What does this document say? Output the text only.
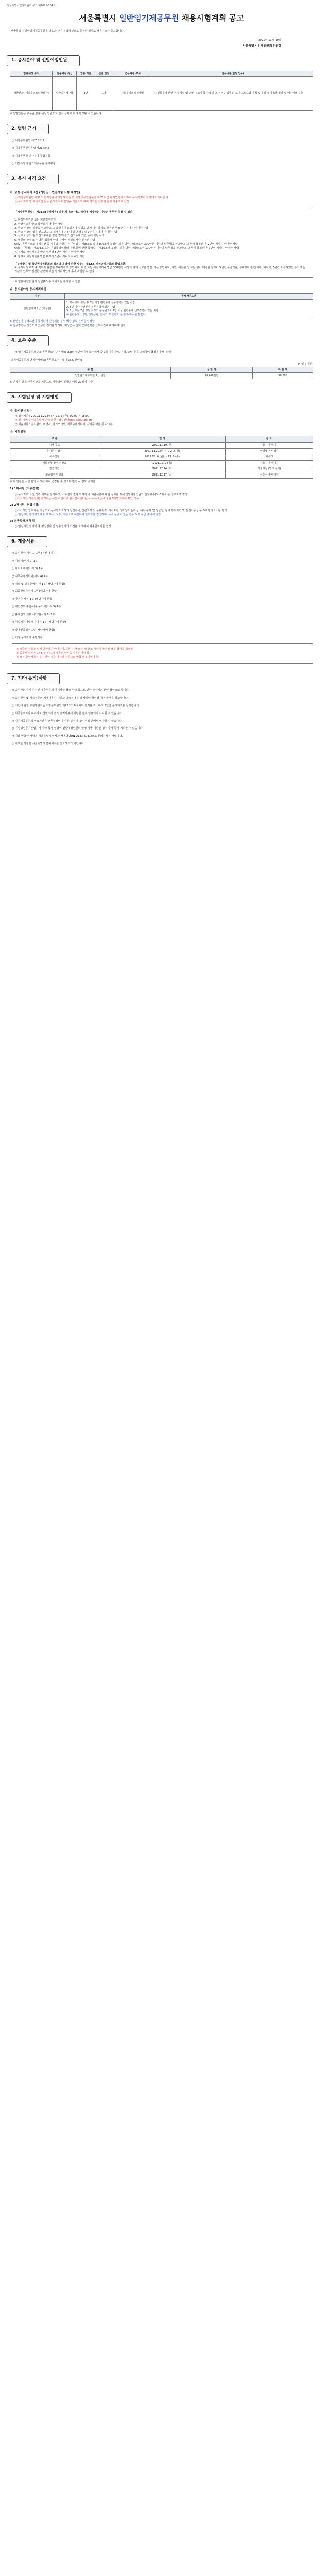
서울특별시인사위원회 공고 제2021-704호
서울특별시 일반임기제공무원 채용시험계획 공고

서울특별시 일반임기제공무원을 다음과 같이 경력경쟁으로 공정한 절차로 채용하고자 공고합니다.

2021년 11월 19일
서울특별시인사위원회위원장
1. 응시분야 및 선발예정인원
임용예정 부서	임용예정 직급	임용 기간	선발 인원	근무예정 부서	업무내용(담당업무)
박물관과 (서울우리소리박물관)	일반임기제 7급	2년	1명	서울우리소리 박물관	○ 전통음악 관련 전시 기획 및 운영 ○ 소장품 관리 및 조사·연구 업무 ○ 교육 프로그램 기획 및 운영 ○ 기록물 정리 및 아카이브 구축

※ 선발인원은 공무원 임용 예정 인원으로 인사 상황에 따라 변경될 수 있습니다.

2. 법령 근거

○ 지방공무원법 제25조의5

○ 지방공무원임용령 제21조의2

○ 지방공무원 인사분야 통합지침

○ 서울특별시 임기제공무원 운영규정

3. 응시 자격 요건
가. 공통 응시자격요건 (기한일 : 면접시험 시행 예정일)

○ 지방공무원법 제31조 결격사유에 해당하지 않고, 지방공무원임용령 제65조 및 관계법령에 의하여 응시자격이 정지되지 아니한 자

○ 응시자격 및 우대요건 등은 원서접수 마감일을 기준으로 하며 경력은 접수일 현재 기준으로 산정

「지방공무원법」 제31조(결격사유) 다음 각 호의 어느 하나에 해당하는 사람은 공무원이 될 수 없다.

1. 피성년후견인 또는 피한정후견인

2. 파산선고를 받고 복권되지 아니한 사람

3. 금고 이상의 실형을 선고받고 그 집행이 종료되거나 집행을 받지 아니하기로 확정된 후 5년이 지나지 아니한 사람

4. 금고 이상의 형을 선고받고 그 집행유예 기간이 끝난 날부터 2년이 지나지 아니한 사람

5. 금고 이상의 형의 선고유예를 받은 경우에 그 선고유예 기간 중에 있는 사람

6. 법원의 판결 또는 다른 법률에 따라 자격이 상실되거나 정지된 사람

6의2. 공무원으로 재직기간 중 직무와 관련하여 「형법」 제355조 및 제356조에 규정된 죄를 범한 사람으로서 300만원 이상의 벌금형을 선고받고 그 형이 확정된 후 2년이 지나지 아니한 사람

6의3. 「형법」 제303조 또는 「성폭력범죄의 처벌 등에 관한 특례법」 제10조에 규정된 죄를 범한 사람으로서 100만원 이상의 벌금형을 선고받고 그 형이 확정된 후 3년이 지나지 아니한 사람

7. 징계로 파면처분을 받은 때부터 5년이 지나지 아니한 사람

8. 징계로 해임처분을 받은 때부터 3년이 지나지 아니한 사람

「부패방지 및 국민권익위원회의 설치와 운영에 관한 법률」 제82조(비위면직자등의 취업제한)

① 공직자가 재직 중 직무와 관련된 부패행위로 당연퇴직, 파면 또는 해임되거나 벌금 300만원 이상의 형의 선고를 받은 자는 당연퇴직, 파면, 해임된 날 또는 형이 확정된 날부터 5년간 공공기관, 부패행위 관련 기관, 퇴직 전 5년간 소속하였던 부서 또는 기관의 업무와 밀접한 관련이 있는 영리사기업체 등에 취업할 수 없다.

※ 임용예정일 현재 정년(60세) 초과자는 응시할 수 없음

나. 응시분야별 응시자격요건
구분	응시자격요건
일반임기제 7급 (박물관)	1. 학사학위 취득 후 3년 이상 관련분야 실무경력이 있는 사람

2. 5년 이상 관련분야 실무경력이 있는 사람

3. 7급 또는 7급 상당 이상의 공무원으로 1년 이상 관련분야 실무경력이 있는 사람

※ 관련분야 : 국악, 전통음악, 민속학, 박물관학 등 전시·교육 관련 분야

※ 관련분야 경력요건이 통계되어 인정되는 경우 해당 경력 전부를 인정함

※ 실무경력은 상근으로 근무한 경력을 말하며, 비상근·시간제 근무경력은 근무시간에 비례하여 인정

4. 보수 수준

○ 임기제공무원보수표(공무원보수규정 별표 33)의 일반임기제 보수체계 중 7급 기준이며, 경력, 능력 등을 고려하여 협상을 통해 결정

[임기제공무원의 연봉한계액표(공무원보수규정 제36조 관련)]

(단위 : 천원)

구 분	상 한 액	하 한 액
일반임기제공무원 7급 상당	76,466천원	50,298

※ 연봉은 실제 근무기간을 기준으로 지급하며 봉급은 매월 20일에 지급

5. 시험일정 및 시험방법
가. 응시원서 접수

○ 접수기간 : 2021.11.29.(월) ~ 12. 3.(금), 09:00 ~ 18:00

○ 접수방법 : 서울특별시 인터넷 원서접수센터(gosi.seoul.go.kr)

○ 제출서류 : 응시원서, 이력서, 자기소개서, 직무수행계획서, 자격증 사본 등 각 1부

나. 시험일정
구 분	일 정	장 소
시행 공고	2021.11.19.(금)	서울시 홈페이지
응시원서 접수	2021.11.29.(월) ~ 12. 3.(금)	인터넷 원서접수
서류전형	2021.12. 6.(월) ~ 12. 8.(수)	비공개
서류전형 합격자 발표	2021.12. 9.(목)	서울시 홈페이지
면접시험	2021.12.14.(화)	서울시청 (별도 공지)
최종합격자 발표	2021.12.17.(금)	서울시 홈페이지

※ 위 일정은 시험 운영 사정에 따라 변경될 수 있으며 변경 시 별도 공지함

1) 1차시험 (서류전형)

○ 응시자격 요건 적격 여부를 심사하고, 서류심사 결과 적격자 중 제출서류에 대한 심사를 통해 선발예정인원의 일정배수(3~5배수)를 합격자로 결정

○ 1차시험(서류전형) 합격자는 서울시 인터넷 원서접수센터(gosi.seoul.go.kr) 합격자발표에서 확인 가능

2) 2차시험 (면접시험)

○ 1차시험 합격자를 대상으로 공무원으로서의 정신자세, 전문지식 및 응용능력, 의사표현 정확성과 논리성, 예의·품행 및 성실성, 창의력·의지력 및 발전가능성 등 5개 평정요소를 평가

○ 면접시험 평정결과에 따라 우수, 보통, 미흡으로 구분하여 합격자를 결정하며, 우수 등급이 없는 경우 보통 등급 중에서 결정

3) 최종합격자 결정

○ 면접시험 합격자 중 평정결과 및 임용권자의 의견을 고려하여 최종합격자를 결정

6. 제출서류

○ 응시원서(서식 1) 1부 (원본 제출)

○ 이력서(서식 2) 1부

○ 자기소개서(서식 3) 1부

○ 직무수행계획서(서식 4) 1부

○ 경력 및 실적증명서 각 1부 (해당자에 한함)

○ 최종학력증명서 1부 (해당자에 한함)

○ 자격증 사본 1부 (해당자에 한함)

○ 개인정보 수집·이용 동의서(서식 5) 1부

○ 블라인드 채용 서약서(서식 6) 1부

○ 취업지원대상자 증명서 1부 (해당자에 한함)

○ 장애인증명서 1부 (해당자에 한함)

○ 기타 응시자격 증빙서류

※ 제출된 서류는 일체 반환하지 아니하며, 허위 기재 또는 위·변조 사실이 발견될 경우 합격을 취소함

※ 공통서식(서식 1~6)은 반드시 제공된 양식을 사용하여야 함

※ 모든 증빙서류는 응시원서 접수 마감일 기준으로 발급된 것이어야 함

7. 기타(유의)사항

○ 응시자는 응시원서 및 제출서류의 기재사항 착오·누락 등으로 인한 불이익은 본인 책임으로 합니다.

○ 응시원서 및 제출서류의 기재내용이 사실과 다르거나 허위 사실이 확인될 경우 합격을 취소합니다.

○ 시험에 관한 부정행위자는 지방공무원법 제42조의2에 따라 합격을 취소하고 5년간 응시자격을 정지합니다.

○ 최종합격자라 하더라도 신원조사 결과 결격사유에 해당할 경우 임용되지 아니할 수 있습니다.

○ 임기제공무원의 임용기간은 근무실적이 우수한 경우 총 5년 범위 안에서 연장할 수 있습니다.

○ 「양성평등기본법」에 따라 특정 성별이 선발예정인원의 일정 비율 미만인 경우 추가 합격 처리할 수 있습니다.

○ 기타 궁금한 사항은 서울특별시 인사과 채용담당(☎ 2133-5731)으로 문의하시기 바랍니다.

○ 자세한 사항은 서울특별시 홈페이지를 참고하시기 바랍니다.
